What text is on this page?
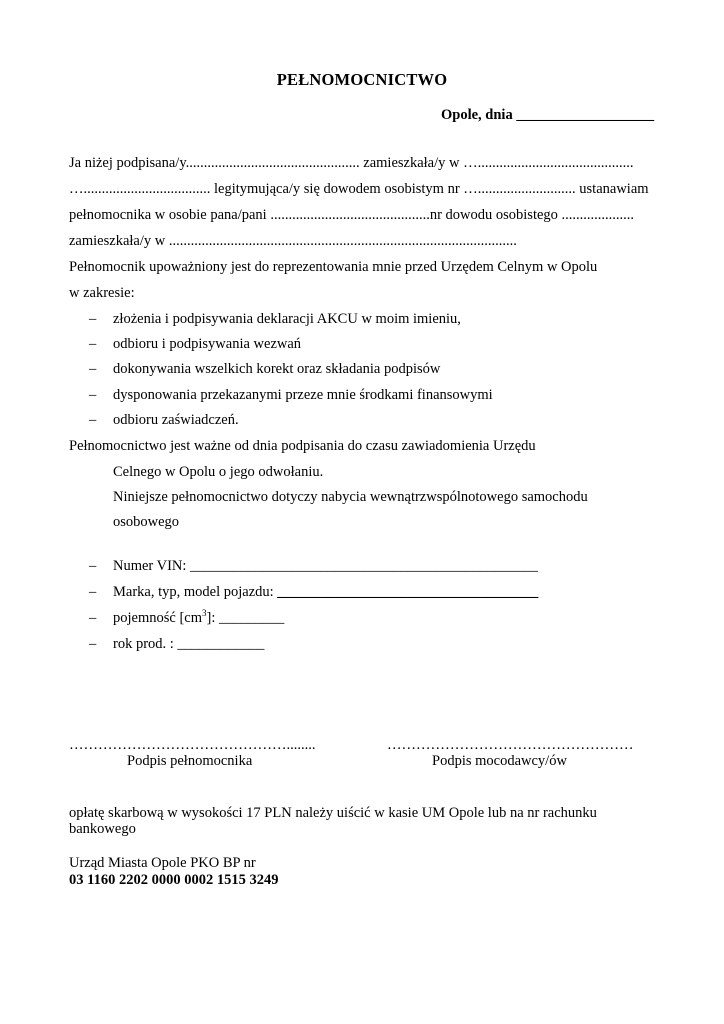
PEŁNOMOCNICTWO
Opole, dnia ___________________
Ja niżej podpisana/y................................................ zamieszkała/y w …...........................................
…................................... legitymująca/y się dowodem osobistym nr …........................... ustanawiam
pełnomocnika w osobie pana/pani ............................................nr dowodu osobistego ....................
zamieszkała/y w ................................................................................................
Pełnomocnik upoważniony jest do reprezentowania mnie przed Urzędem Celnym w Opolu
w zakresie:
– złożenia i podpisywania deklaracji AKCU w moim imieniu,
– odbioru i podpisywania wezwań
– dokonywania wszelkich korekt oraz składania podpisów
– dysponowania przekazanymi przeze mnie środkami finansowymi
– odbioru zaświadczeń.
Pełnomocnictwo jest ważne od dnia podpisania do czasu zawiadomienia Urzędu
Celnego w Opolu o jego odwołaniu.
Niniejsze pełnomocnictwo dotyczy nabycia wewnątrzwspólnotowego samochodu
osobowego
– Numer VIN: ________________________________________________
– Marka, typ, model pojazdu: ____________________________________
– pojemność $[cm^3]$: _________
– rok prod. : ____________
………………………………………........
Podpis pełnomocnika
……………………………………………
Podpis mocodawcy/ów
opłatę skarbową w wysokości 17 PLN należy uiścić w kasie UM Opole lub na nr rachunku
bankowego
Urząd Miasta Opole PKO BP nr
03 1160 2202 0000 0002 1515 3249
